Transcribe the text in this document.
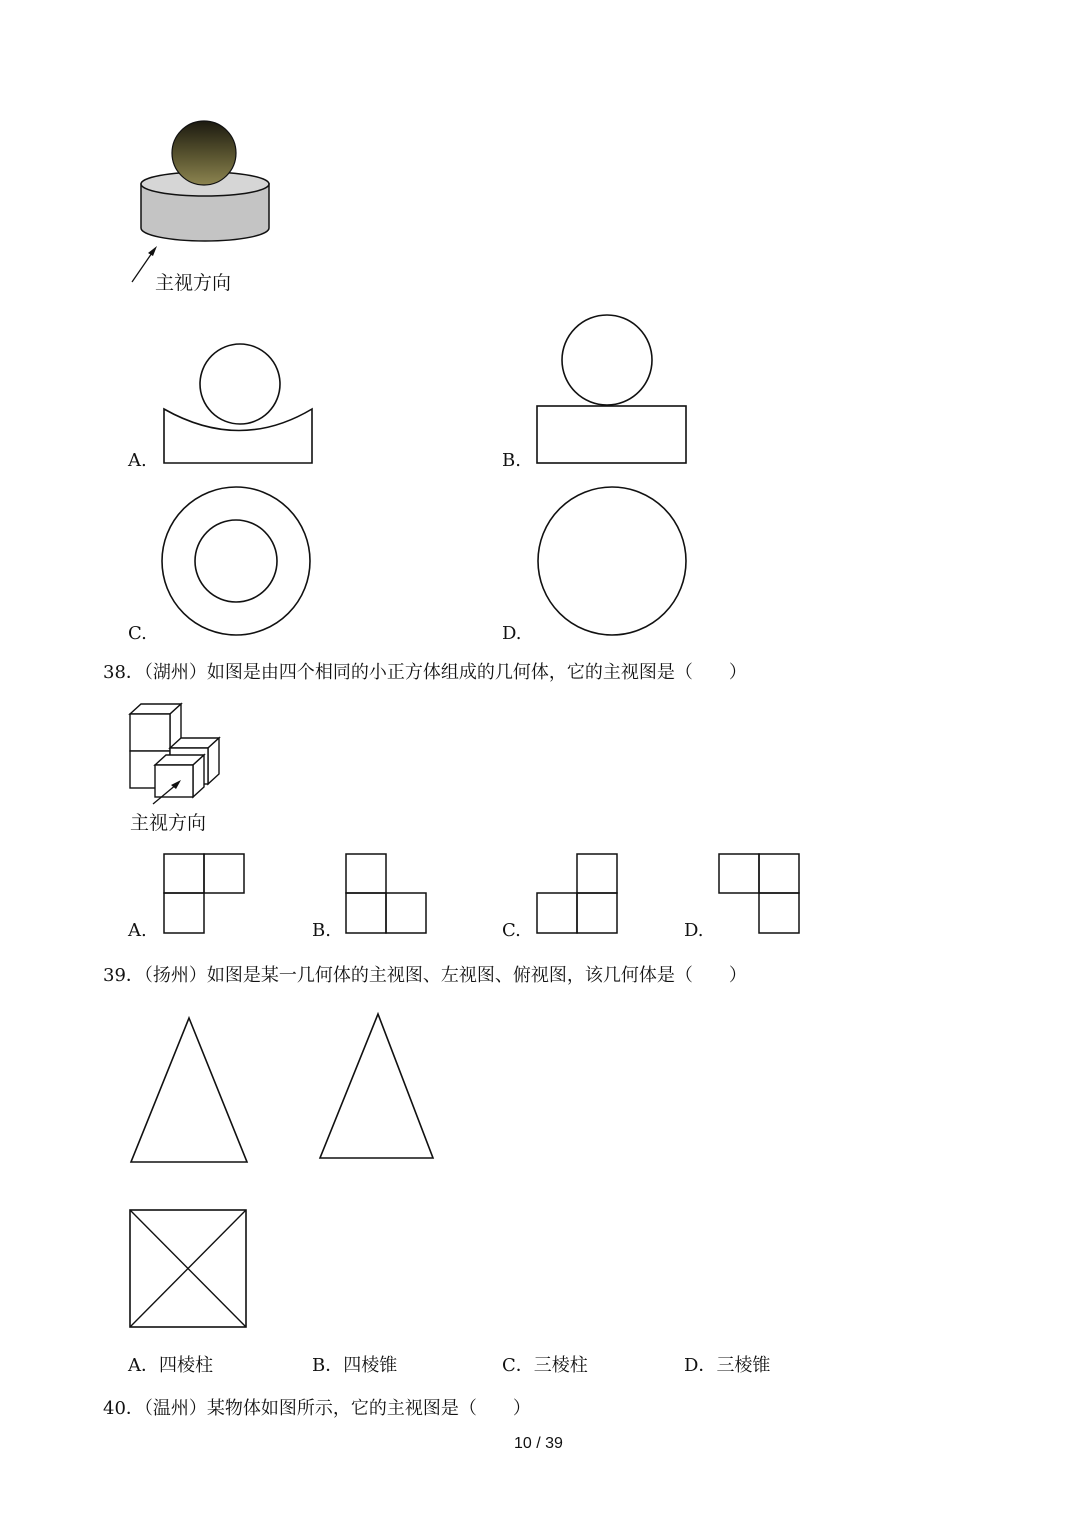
主视方向
A.	B.
C.	D.
38．（湖州）如图是由四个相同的小正方体组成的几何体，它的主视图是（　　）
主视方向
A.	B.	C.	D.
39．（扬州）如图是某一几何体的主视图、左视图、俯视图，该几何体是（　　）
A．四棱柱	B．四棱锥	C．三棱柱	D．三棱锥
40．（温州）某物体如图所示，它的主视图是（　　）
10 / 39
